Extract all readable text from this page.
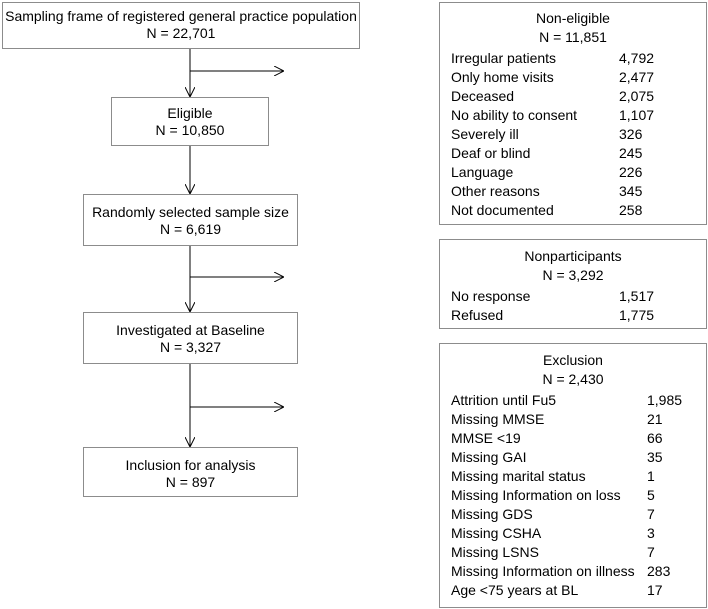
Sampling frame of registered general practice population
N = 22,701
Eligible
N = 10,850
Randomly selected sample size
N = 6,619
Investigated at Baseline
N = 3,327
Inclusion for analysis
N = 897
Non-eligible
N = 11,851
Irregular patients	4,792
Only home visits	2,477
Deceased	2,075
No ability to consent	1,107
Severely ill	326
Deaf or blind	245
Language	226
Other reasons	345
Not documented	258
Nonparticipants
N = 3,292
No response	1,517
Refused	1,775
Exclusion
N = 2,430
Attrition until Fu5	1,985
Missing MMSE	21
MMSE <19	66
Missing GAI	35
Missing marital status	1
Missing Information on loss 5
Missing GDS	7
Missing CSHA	3
Missing LSNS	7
Missing Information on illness 283
Age <75 years at BL	17
